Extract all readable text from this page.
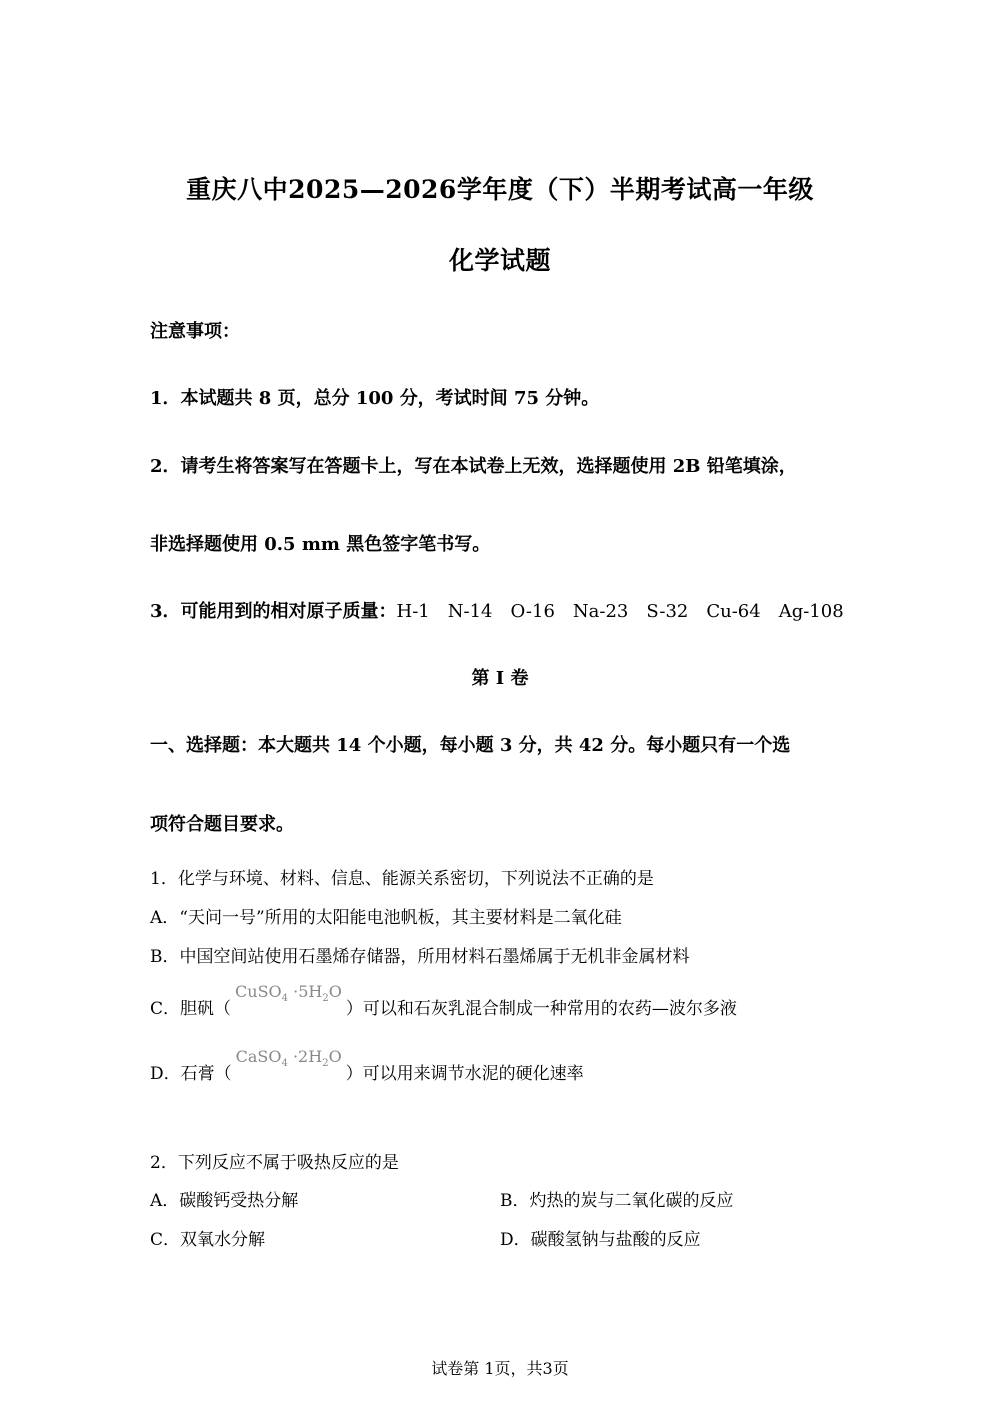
重庆八中2025—2026学年度（下）半期考试高一年级
化学试题
注意事项：
1．本试题共 8 页，总分 100 分，考试时间 75 分钟。
2．请考生将答案写在答题卡上，写在本试卷上无效，选择题使用 2B 铅笔填涂，
非选择题使用 0.5 mm 黑色签字笔书写。
3．可能用到的相对原子质量：H-1　N-14　O-16　Na-23　S-32　Cu-64　Ag-108
第 I 卷
一、选择题：本大题共 14 个小题，每小题 3 分，共 42 分。每小题只有一个选
项符合题目要求。
1．化学与环境、材料、信息、能源关系密切，下列说法不正确的是
A．“天问一号”所用的太阳能电池帆板，其主要材料是二氧化硅
B．中国空间站使用石墨烯存储器，所用材料石墨烯属于无机非金属材料
C．胆矾（CuSO$_4$ $\cdot 5H_2O$）可以和石灰乳混合制成一种常用的农药—波尔多液
D．石膏（CaSO$_4$ $\cdot 2H_2O$）可以用来调节水泥的硬化速率
2．下列反应不属于吸热反应的是
A．碳酸钙受热分解	B．灼热的炭与二氧化碳的反应
C．双氧水分解	D．碳酸氢钠与盐酸的反应
试卷第 1页，共3页
